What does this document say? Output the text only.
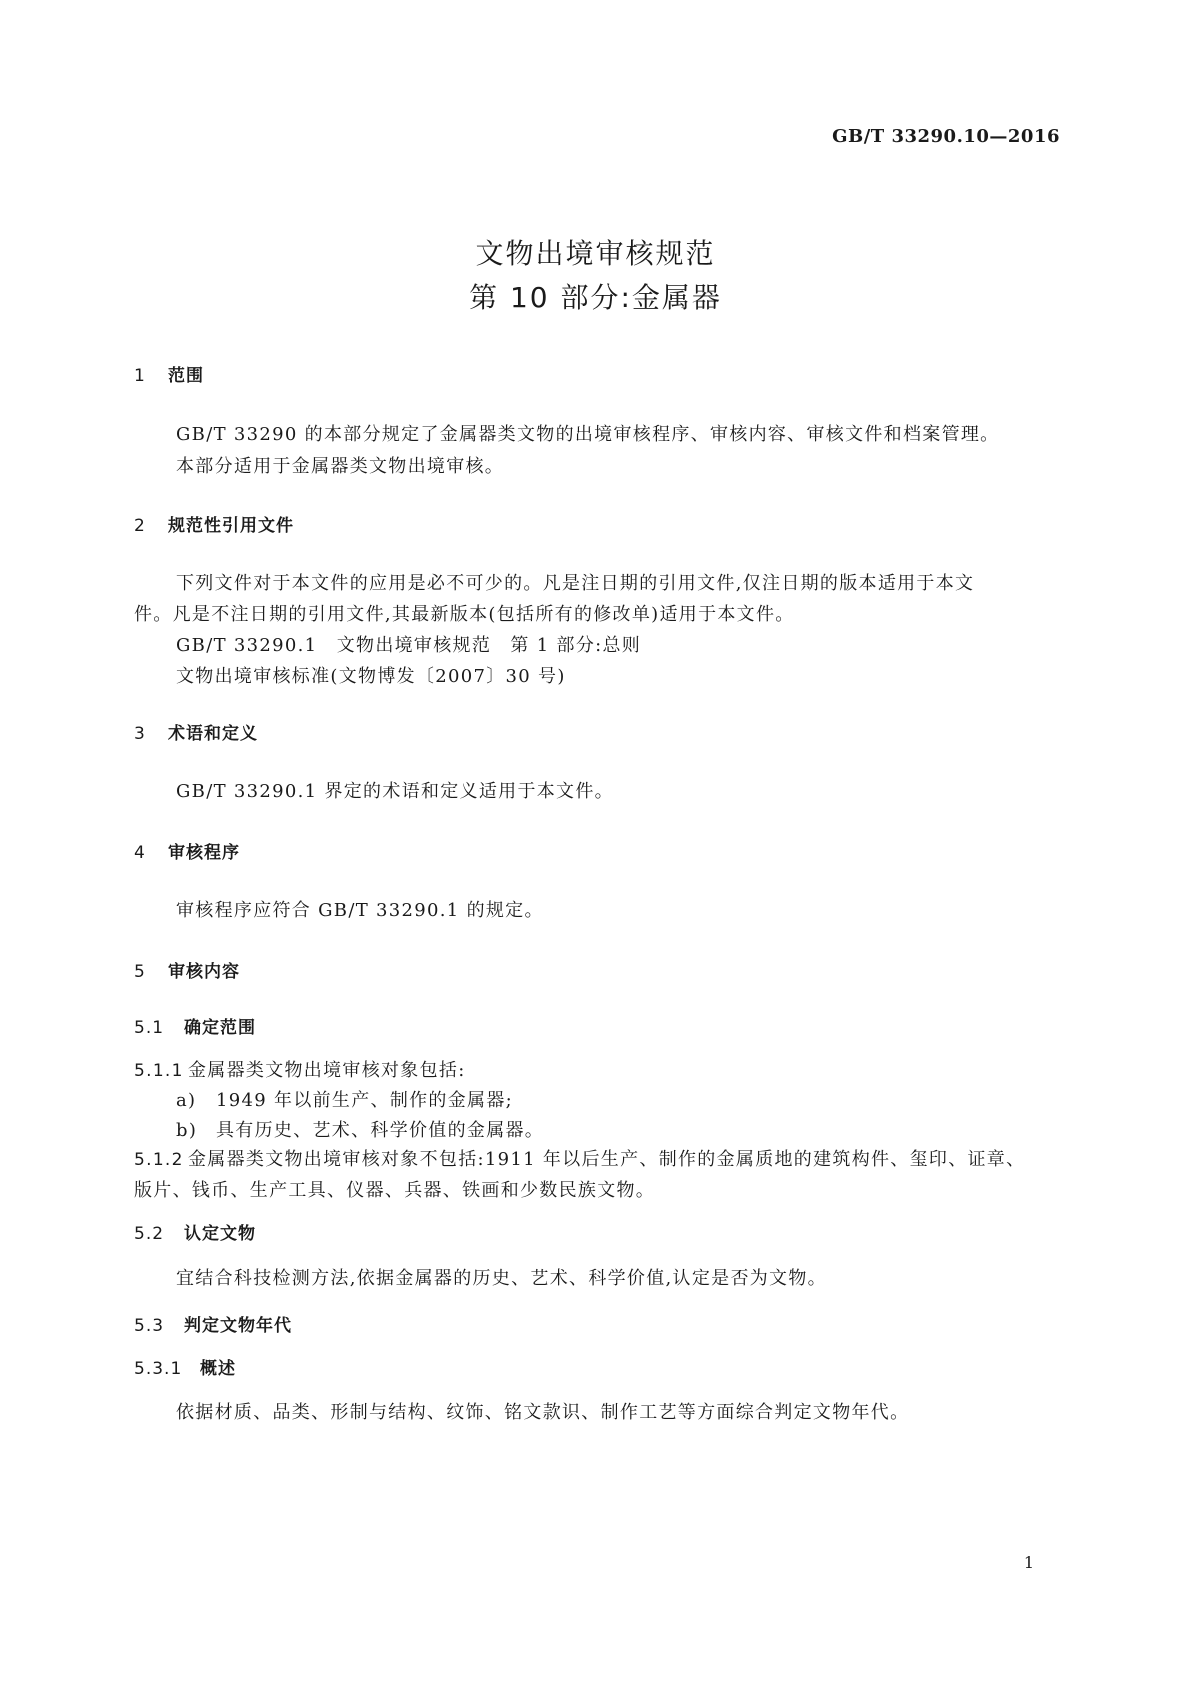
GB/T 33290.10—2016
文物出境审核规范
第 10 部分:金属器
1 范围
GB/T 33290 的本部分规定了金属器类文物的出境审核程序、审核内容、审核文件和档案管理。
本部分适用于金属器类文物出境审核。
2 规范性引用文件
下列文件对于本文件的应用是必不可少的。凡是注日期的引用文件,仅注日期的版本适用于本文
件。凡是不注日期的引用文件,其最新版本(包括所有的修改单)适用于本文件。
GB/T 33290.1　文物出境审核规范　第 1 部分:总则
文物出境审核标准(文物博发〔2007〕30 号)
3 术语和定义
GB/T 33290.1 界定的术语和定义适用于本文件。
4 审核程序
审核程序应符合 GB/T 33290.1 的规定。
5 审核内容
5.1 确定范围
5.1.1 金属器类文物出境审核对象包括:
a) 1949 年以前生产、制作的金属器;
b) 具有历史、艺术、科学价值的金属器。
5.1.2 金属器类文物出境审核对象不包括:1911 年以后生产、制作的金属质地的建筑构件、玺印、证章、
版片、钱币、生产工具、仪器、兵器、铁画和少数民族文物。
5.2 认定文物
宜结合科技检测方法,依据金属器的历史、艺术、科学价值,认定是否为文物。
5.3 判定文物年代
5.3.1 概述
依据材质、品类、形制与结构、纹饰、铭文款识、制作工艺等方面综合判定文物年代。
1
